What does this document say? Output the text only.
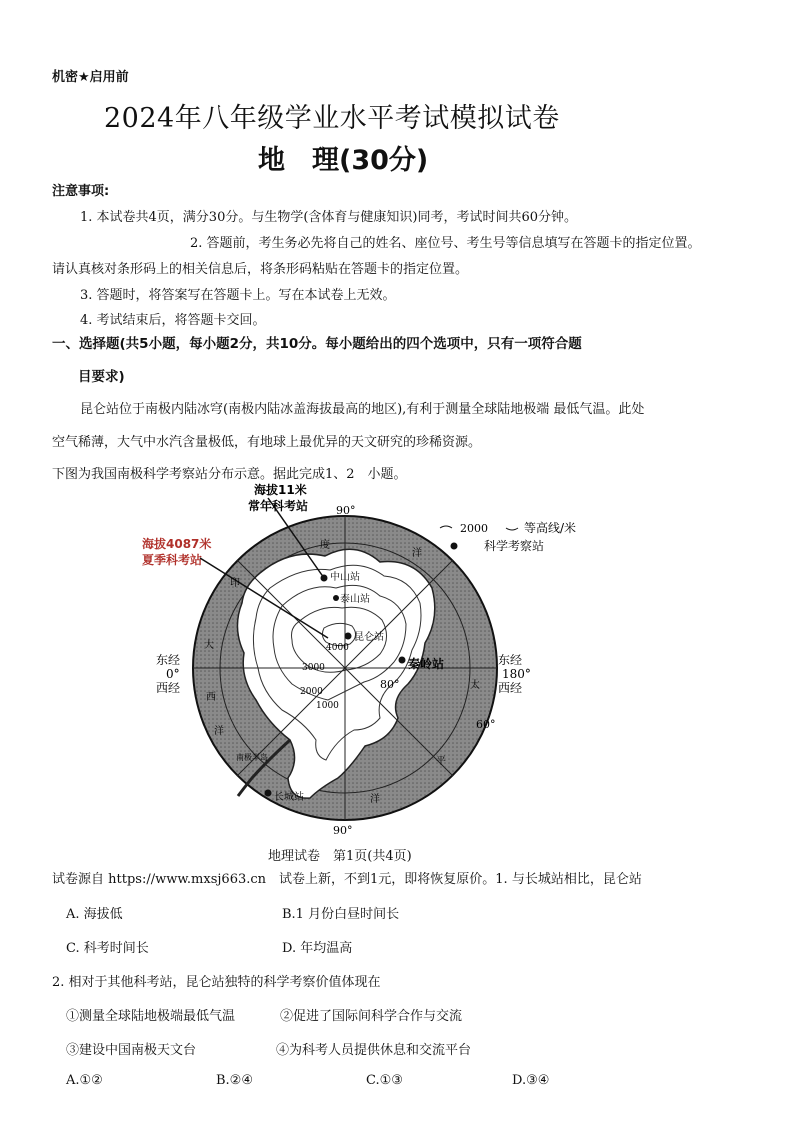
机密★启用前
2024年八年级学业水平考试模拟试卷
地　理(30分)
注意事项:
1. 本试卷共4页，满分30分。与生物学(含体育与健康知识)同考，考试时间共60分钟。
2. 答题前，考生务必先将自己的姓名、座位号、考生号等信息填写在答题卡的指定位置。
请认真核对条形码上的相关信息后，将条形码粘贴在答题卡的指定位置。
3. 答题时，将答案写在答题卡上。写在本试卷上无效。
4. 考试结束后，将答题卡交回。
一、选择题(共5小题，每小题2分，共10分。每小题给出的四个选项中，只有一项符合题
目要求)
昆仑站位于南极内陆冰穹(南极内陆冰盖海拔最高的地区),有利于测量全球陆地极端 最低气温。此处
空气稀薄，大气中水汽含量极低，有地球上最优异的天文研究的珍稀资源。
下图为我国南极科学考察站分布示意。据此完成1、2　小题。
海拔11米
常年科考站
海拔4087米
夏季科考站
2000	等高线/米
科学考察站
90°
90°
80°
60°
东经
0°
西经
东经
180°
西经
度
印
洋
大
西
洋
太
平
洋
中山站
泰山站
昆仑站
秦岭站
长城站
4000
3000
2000
1000
南极半岛
地理试卷　第1页(共4页)
试卷源自 https://www.mxsj663.cn　试卷上新，不到1元，即将恢复原价。1. 与长城站相比，昆仑站
A. 海拔低	B.1 月份白昼时间长
C. 科考时间长	D. 年均温高
2. 相对于其他科考站，昆仑站独特的科学考察价值体现在
①测量全球陆地极端最低气温	②促进了国际间科学合作与交流
③建设中国南极天文台	④为科考人员提供休息和交流平台
A.①②	B.②④	C.①③	D.③④
